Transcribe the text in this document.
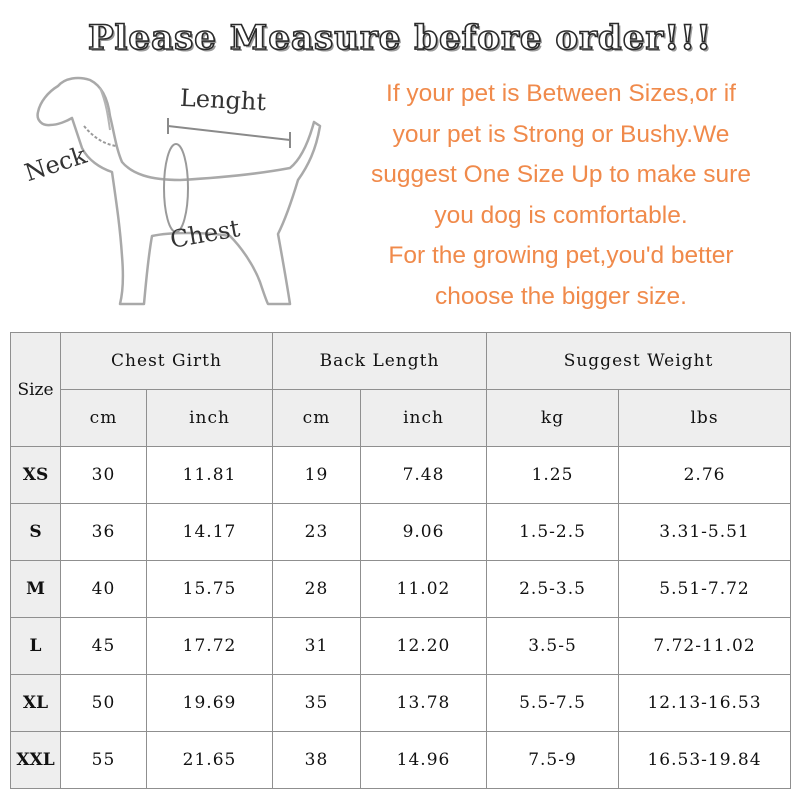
Please Measure before order!!!
Neck
Lenght
Chest
If your pet is Between Sizes,or if
your pet is Strong or Bushy.We
suggest One Size Up to make sure
you dog is comfortable.
For the growing pet,you'd better
choose the bigger size.
Size	Chest Girth		Back Length		Suggest Weight	
	cm	inch	cm	inch	kg	lbs
XS	30	11.81	19	7.48	1.25	2.76
S	36	14.17	23	9.06	1.5-2.5	3.31-5.51
M	40	15.75	28	11.02	2.5-3.5	5.51-7.72
L	45	17.72	31	12.20	3.5-5	7.72-11.02
XL	50	19.69	35	13.78	5.5-7.5	12.13-16.53
XXL	55	21.65	38	14.96	7.5-9	16.53-19.84
